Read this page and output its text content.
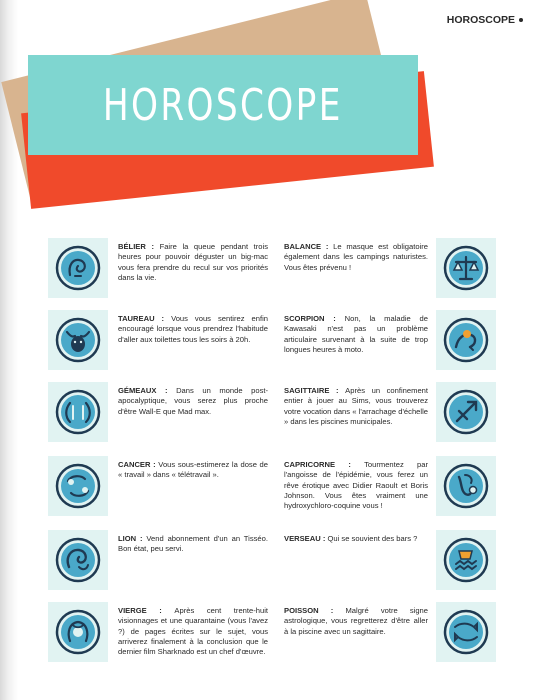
HOROSCOPE
HOROSCOPE
BÉLIER : Faire la queue pendant trois heures pour pouvoir déguster un big-mac vous fera prendre du recul sur vos priorités dans la vie.
TAUREAU : Vous vous sentirez enfin encouragé lorsque vous prendrez l'habitude d'aller aux toilettes tous les soirs à 20h.
GÉMEAUX : Dans un monde post-apocalyptique, vous serez plus proche d'être Wall-E que Mad max.
CANCER : Vous sous-estimerez la dose de « travail » dans « télétravail ».
LION : Vend abonnement d'un an Tisséo. Bon état, peu servi.
VIERGE : Après cent trente-huit visionnages et une quarantaine (vous l'avez ?) de pages écrites sur le sujet, vous arriverez finalement à la conclusion que le dernier film Sharknado est un chef d'œuvre.
BALANCE : Le masque est obligatoire également dans les campings naturistes. Vous êtes prévenu !
SCORPION : Non, la maladie de Kawasaki n'est pas un problème articulaire survenant à la suite de trop longues heures à moto.
SAGITTAIRE : Après un confinement entier à jouer au Sims, vous trouverez votre vocation dans « l'arrachage d'échelle » dans les piscines municipales.
CAPRICORNE : Tourmentez par l'angoisse de l'épidémie, vous ferez un rêve érotique avec Didier Raoult et Boris Johnson. Vous êtes vraiment une hydroxychloro-coquine vous !
VERSEAU : Qui se souvient des bars ?
POISSON : Malgré votre signe astrologique, vous regretterez d'être aller à la piscine avec un sagittaire.
